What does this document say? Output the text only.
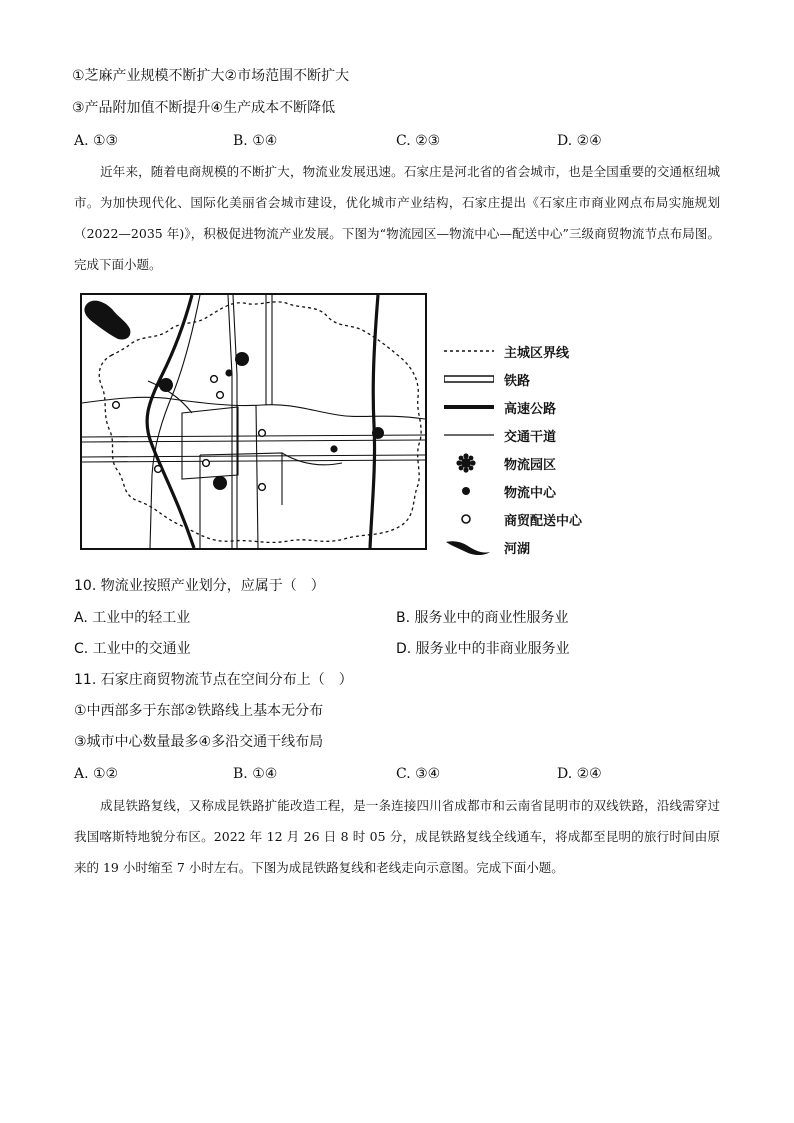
①芝麻产业规模不断扩大②市场范围不断扩大
③产品附加值不断提升④生产成本不断降低
A. ①③	B. ①④	C. ②③	D. ②④
近年来，随着电商规模的不断扩大，物流业发展迅速。石家庄是河北省的省会城市，也是全国重要的交通枢纽城市。为加快现代化、国际化美丽省会城市建设，优化城市产业结构，石家庄提出《石家庄市商业网点布局实施规划（2022—2035 年)》，积极促进物流产业发展。下图为“物流园区—物流中心—配送中心”三级商贸物流节点布局图。完成下面小题。
主城区界线
铁路
高速公路
交通干道
物流园区
物流中心
商贸配送中心
河湖
10. 物流业按照产业划分，应属于（　）
A. 工业中的轻工业	B. 服务业中的商业性服务业
C. 工业中的交通业	D. 服务业中的非商业服务业
11. 石家庄商贸物流节点在空间分布上（　）
①中西部多于东部②铁路线上基本无分布
③城市中心数量最多④多沿交通干线布局
A. ①②	B. ①④	C. ③④	D. ②④
成昆铁路复线，又称成昆铁路扩能改造工程，是一条连接四川省成都市和云南省昆明市的双线铁路，沿线需穿过我国喀斯特地貌分布区。2022 年 12 月 26 日 8 时 05 分，成昆铁路复线全线通车，将成都至昆明的旅行时间由原来的 19 小时缩至 7 小时左右。下图为成昆铁路复线和老线走向示意图。完成下面小题。
